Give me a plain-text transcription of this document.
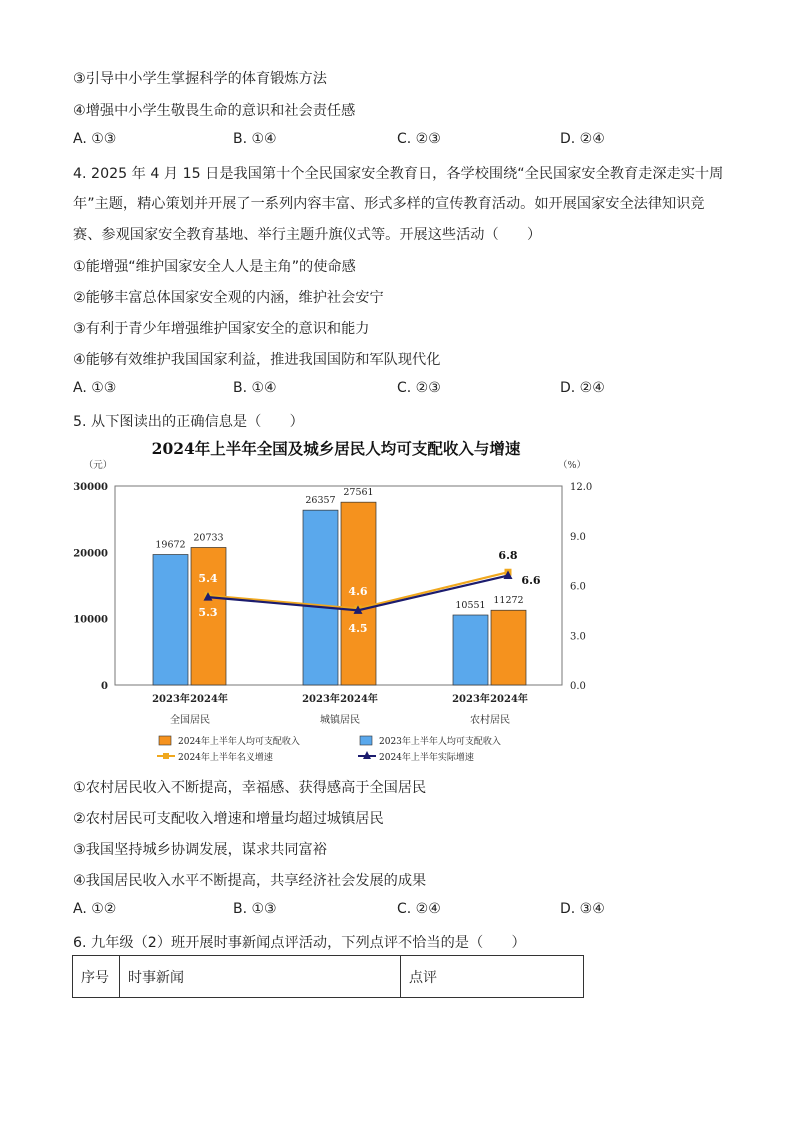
③引导中小学生掌握科学的体育锻炼方法
④增强中小学生敬畏生命的意识和社会责任感
A. ①③	B. ①④	C. ②③	D. ②④
4. 2025 年 4 月 15 日是我国第十个全民国家安全教育日，各学校围绕“全民国家安全教育走深走实十周
年”主题，精心策划并开展了一系列内容丰富、形式多样的宣传教育活动。如开展国家安全法律知识竞
赛、参观国家安全教育基地、举行主题升旗仪式等。开展这些活动（　　）
①能增强“维护国家安全人人是主角”的使命感
②能够丰富总体国家安全观的内涵，维护社会安宁
③有利于青少年增强维护国家安全的意识和能力
④能够有效维护我国国家利益，推进我国国防和军队现代化
A. ①③	B. ①④	C. ②③	D. ②④
5. 从下图读出的正确信息是（　　）
2024年上半年全国及城乡居民人均可支配收入与增速
（元）	（%）
30000
20000
10000
0
12.0
9.0
6.0
3.0
0.0
19672
20733
2023年 2024年
全国居民
26357
27561
2023年 2024年
城镇居民
10551 11272
2023年 2024年
农村居民
5.4
4.6
6.8
5.3
4.5
6.6
2024年上半年人均可支配收入	2023年上半年人均可支配收入
2024年上半年名义增速	2024年上半年实际增速
①农村居民收入不断提高，幸福感、获得感高于全国居民
②农村居民可支配收入增速和增量均超过城镇居民
③我国坚持城乡协调发展，谋求共同富裕
④我国居民收入水平不断提高，共享经济社会发展的成果
A. ①②	B. ①③	C. ②④	D. ③④
6. 九年级（2）班开展时事新闻点评活动，下列点评不恰当的是（　　）
序号	时事新闻	点评
